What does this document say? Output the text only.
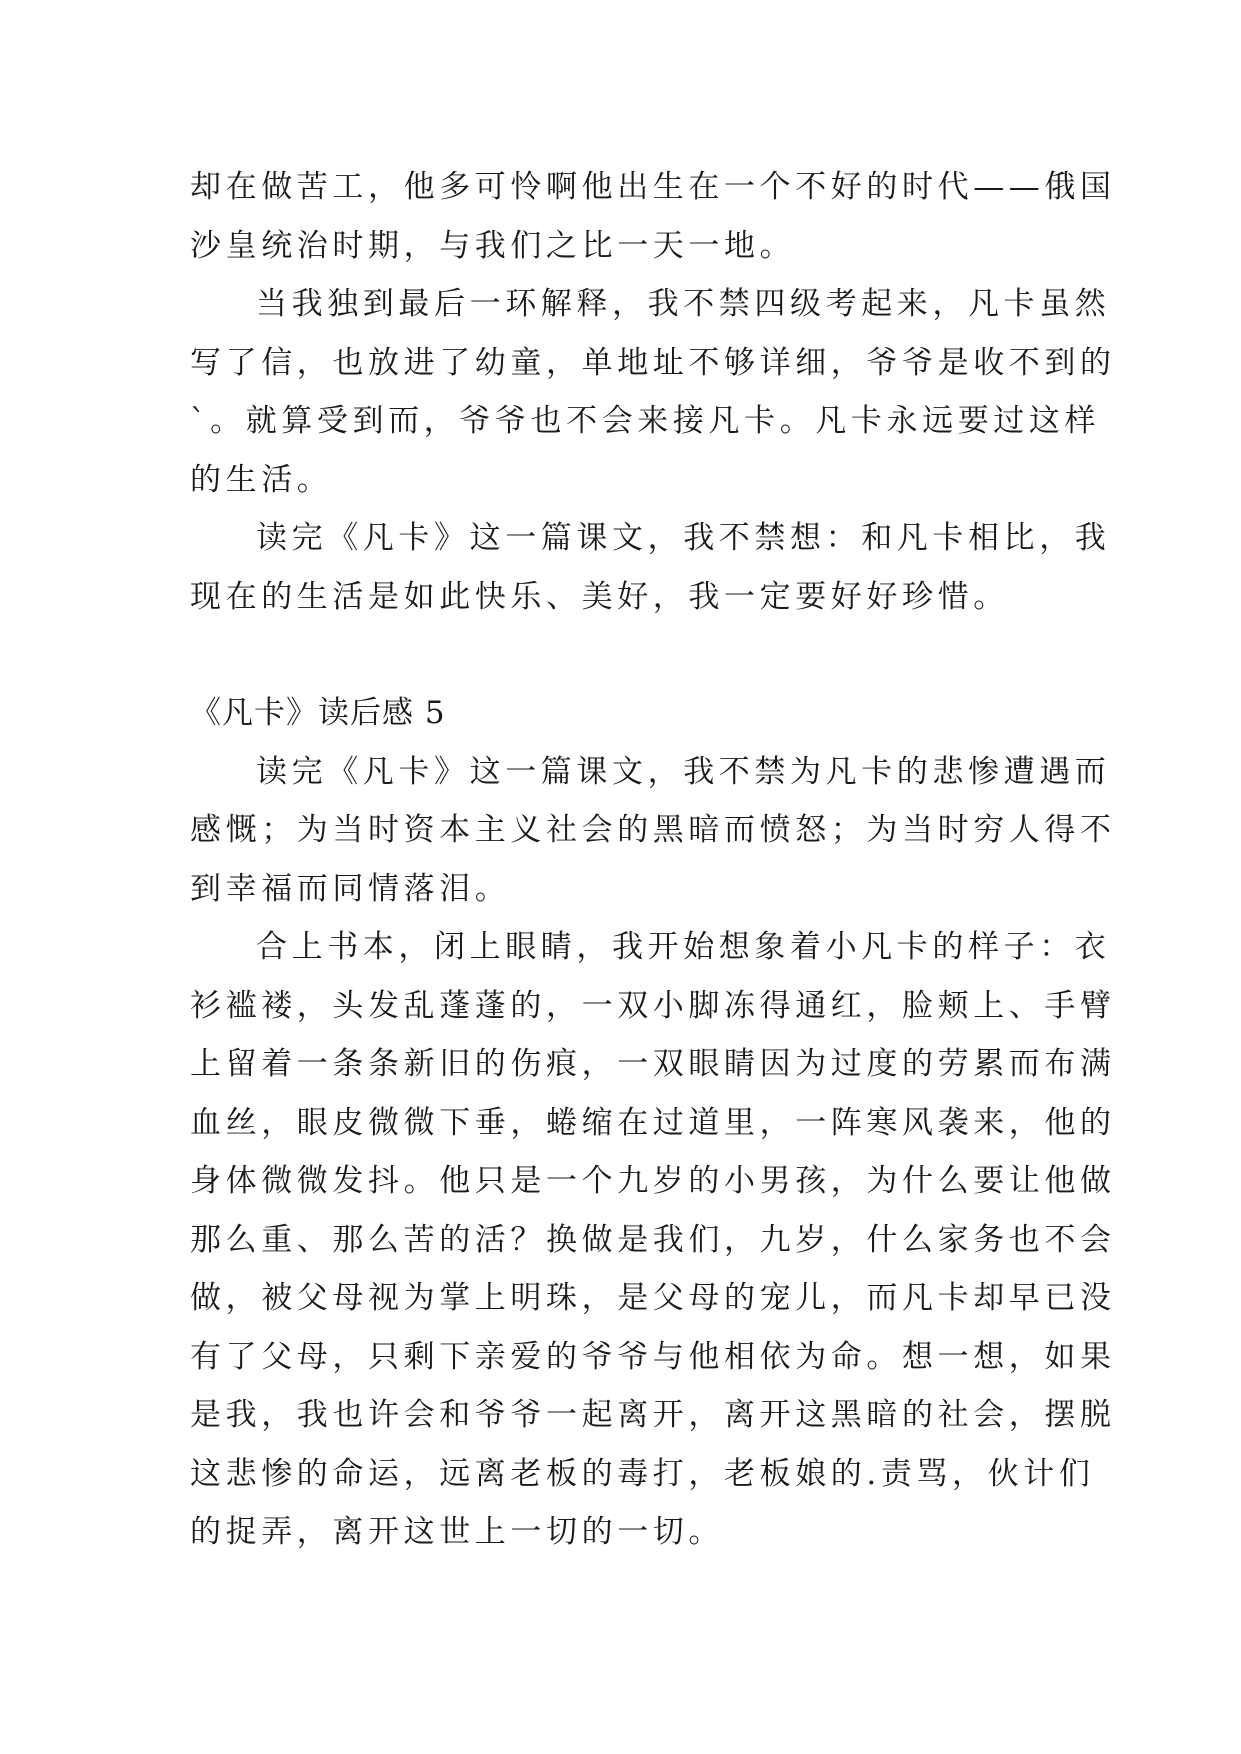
却在做苦工，他多可怜啊他出生在一个不好的时代——俄国
沙皇统治时期，与我们之比一天一地。
当我独到最后一环解释，我不禁四级考起来，凡卡虽然
写了信，也放进了幼童，单地址不够详细，爷爷是收不到的
`。就算受到而，爷爷也不会来接凡卡。凡卡永远要过这样
的生活。
读完《凡卡》这一篇课文，我不禁想：和凡卡相比，我
现在的生活是如此快乐、美好，我一定要好好珍惜。
《凡卡》读后感 5
读完《凡卡》这一篇课文，我不禁为凡卡的悲惨遭遇而
感慨；为当时资本主义社会的黑暗而愤怒；为当时穷人得不
到幸福而同情落泪。
合上书本，闭上眼睛，我开始想象着小凡卡的样子：衣
衫褴褛，头发乱蓬蓬的，一双小脚冻得通红，脸颊上、手臂
上留着一条条新旧的伤痕，一双眼睛因为过度的劳累而布满
血丝，眼皮微微下垂，蜷缩在过道里，一阵寒风袭来，他的
身体微微发抖。他只是一个九岁的小男孩，为什么要让他做
那么重、那么苦的活？换做是我们，九岁，什么家务也不会
做，被父母视为掌上明珠，是父母的宠儿，而凡卡却早已没
有了父母，只剩下亲爱的爷爷与他相依为命。想一想，如果
是我，我也许会和爷爷一起离开，离开这黑暗的社会，摆脱
这悲惨的命运，远离老板的毒打，老板娘的.责骂，伙计们
的捉弄，离开这世上一切的一切。
